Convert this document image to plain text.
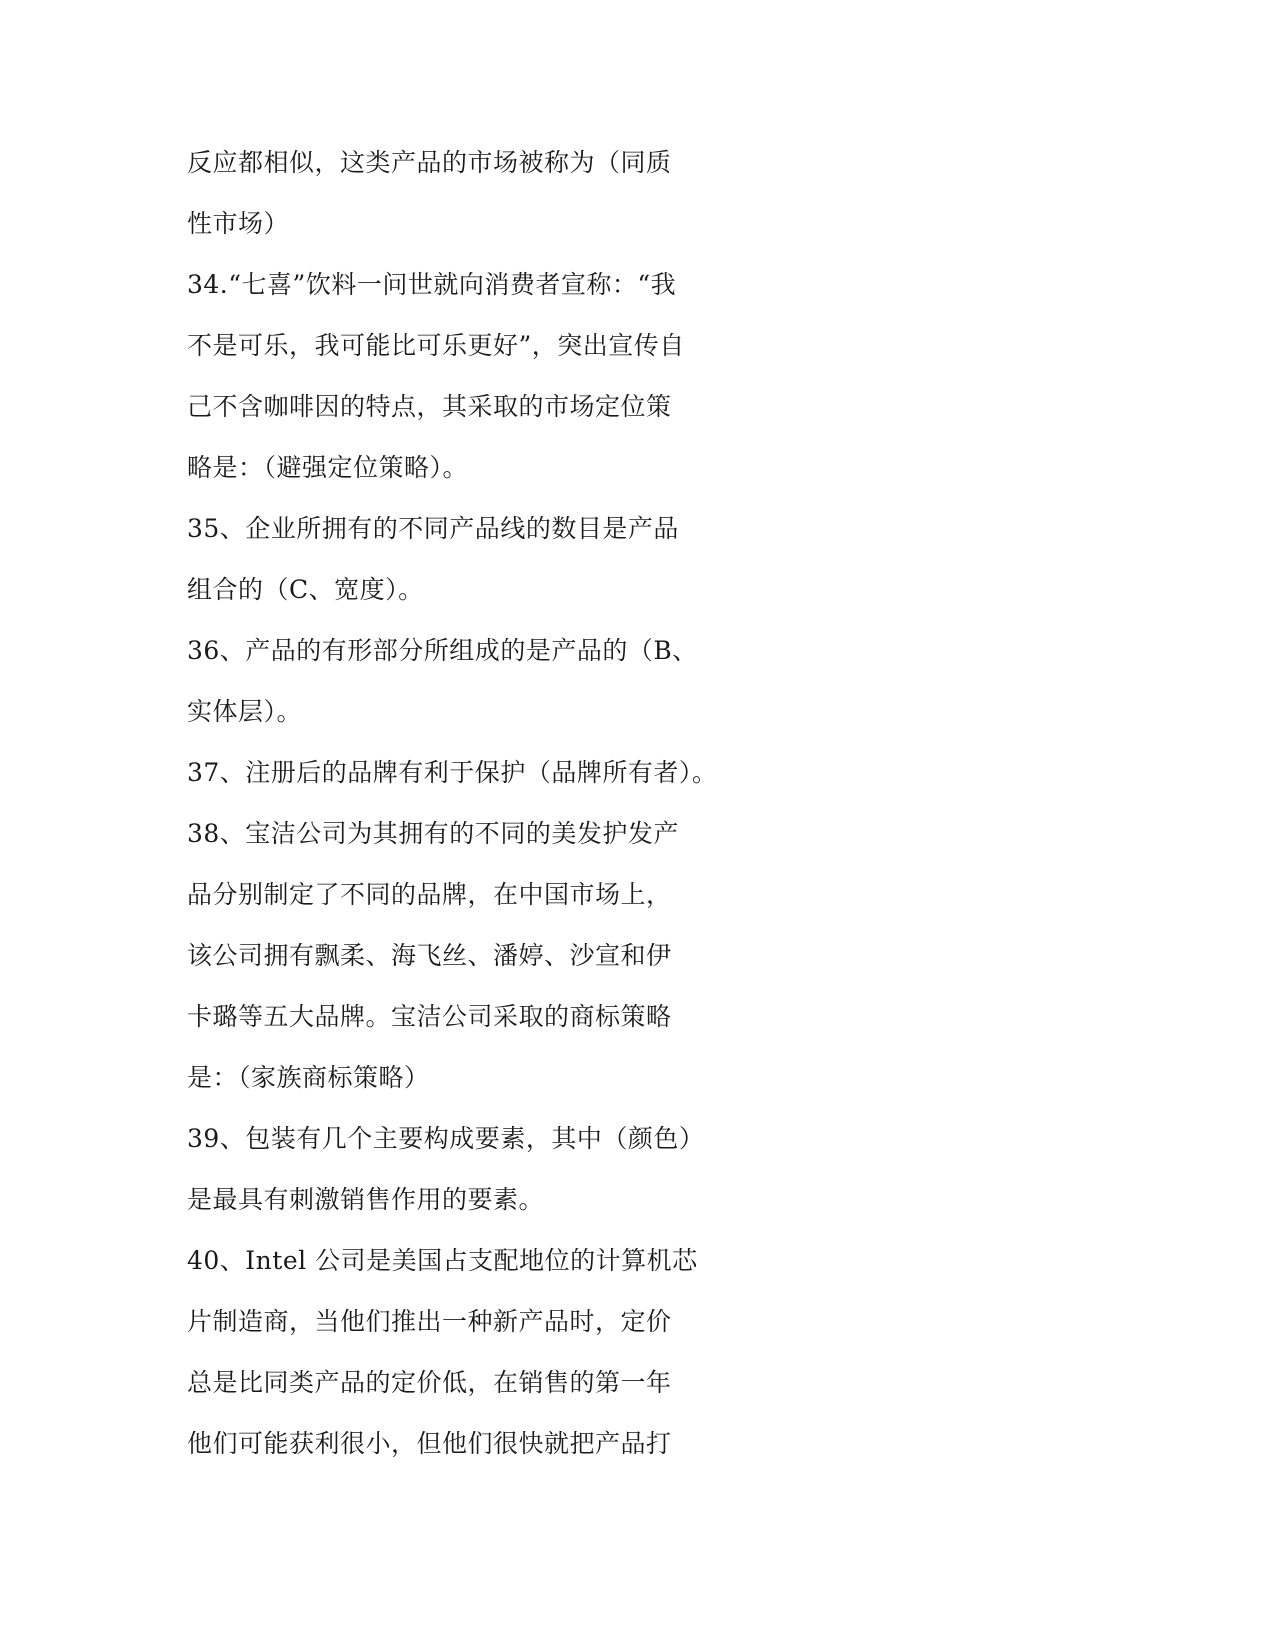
反应都相似，这类产品的市场被称为（同质
性市场）
34.“七喜”饮料一问世就向消费者宣称：“我
不是可乐，我可能比可乐更好”，突出宣传自
己不含咖啡因的特点，其采取的市场定位策
略是：（避强定位策略）。
35、企业所拥有的不同产品线的数目是产品
组合的（C、宽度）。
36、产品的有形部分所组成的是产品的（B、
实体层）。
37、注册后的品牌有利于保护（品牌所有者）。
38、宝洁公司为其拥有的不同的美发护发产
品分别制定了不同的品牌，在中国市场上，
该公司拥有飘柔、海飞丝、潘婷、沙宣和伊
卡璐等五大品牌。宝洁公司采取的商标策略
是：（家族商标策略）
39、包装有几个主要构成要素，其中（颜色）
是最具有刺激销售作用的要素。
40、Intel 公司是美国占支配地位的计算机芯
片制造商，当他们推出一种新产品时，定价
总是比同类产品的定价低，在销售的第一年
他们可能获利很小，但他们很快就把产品打
